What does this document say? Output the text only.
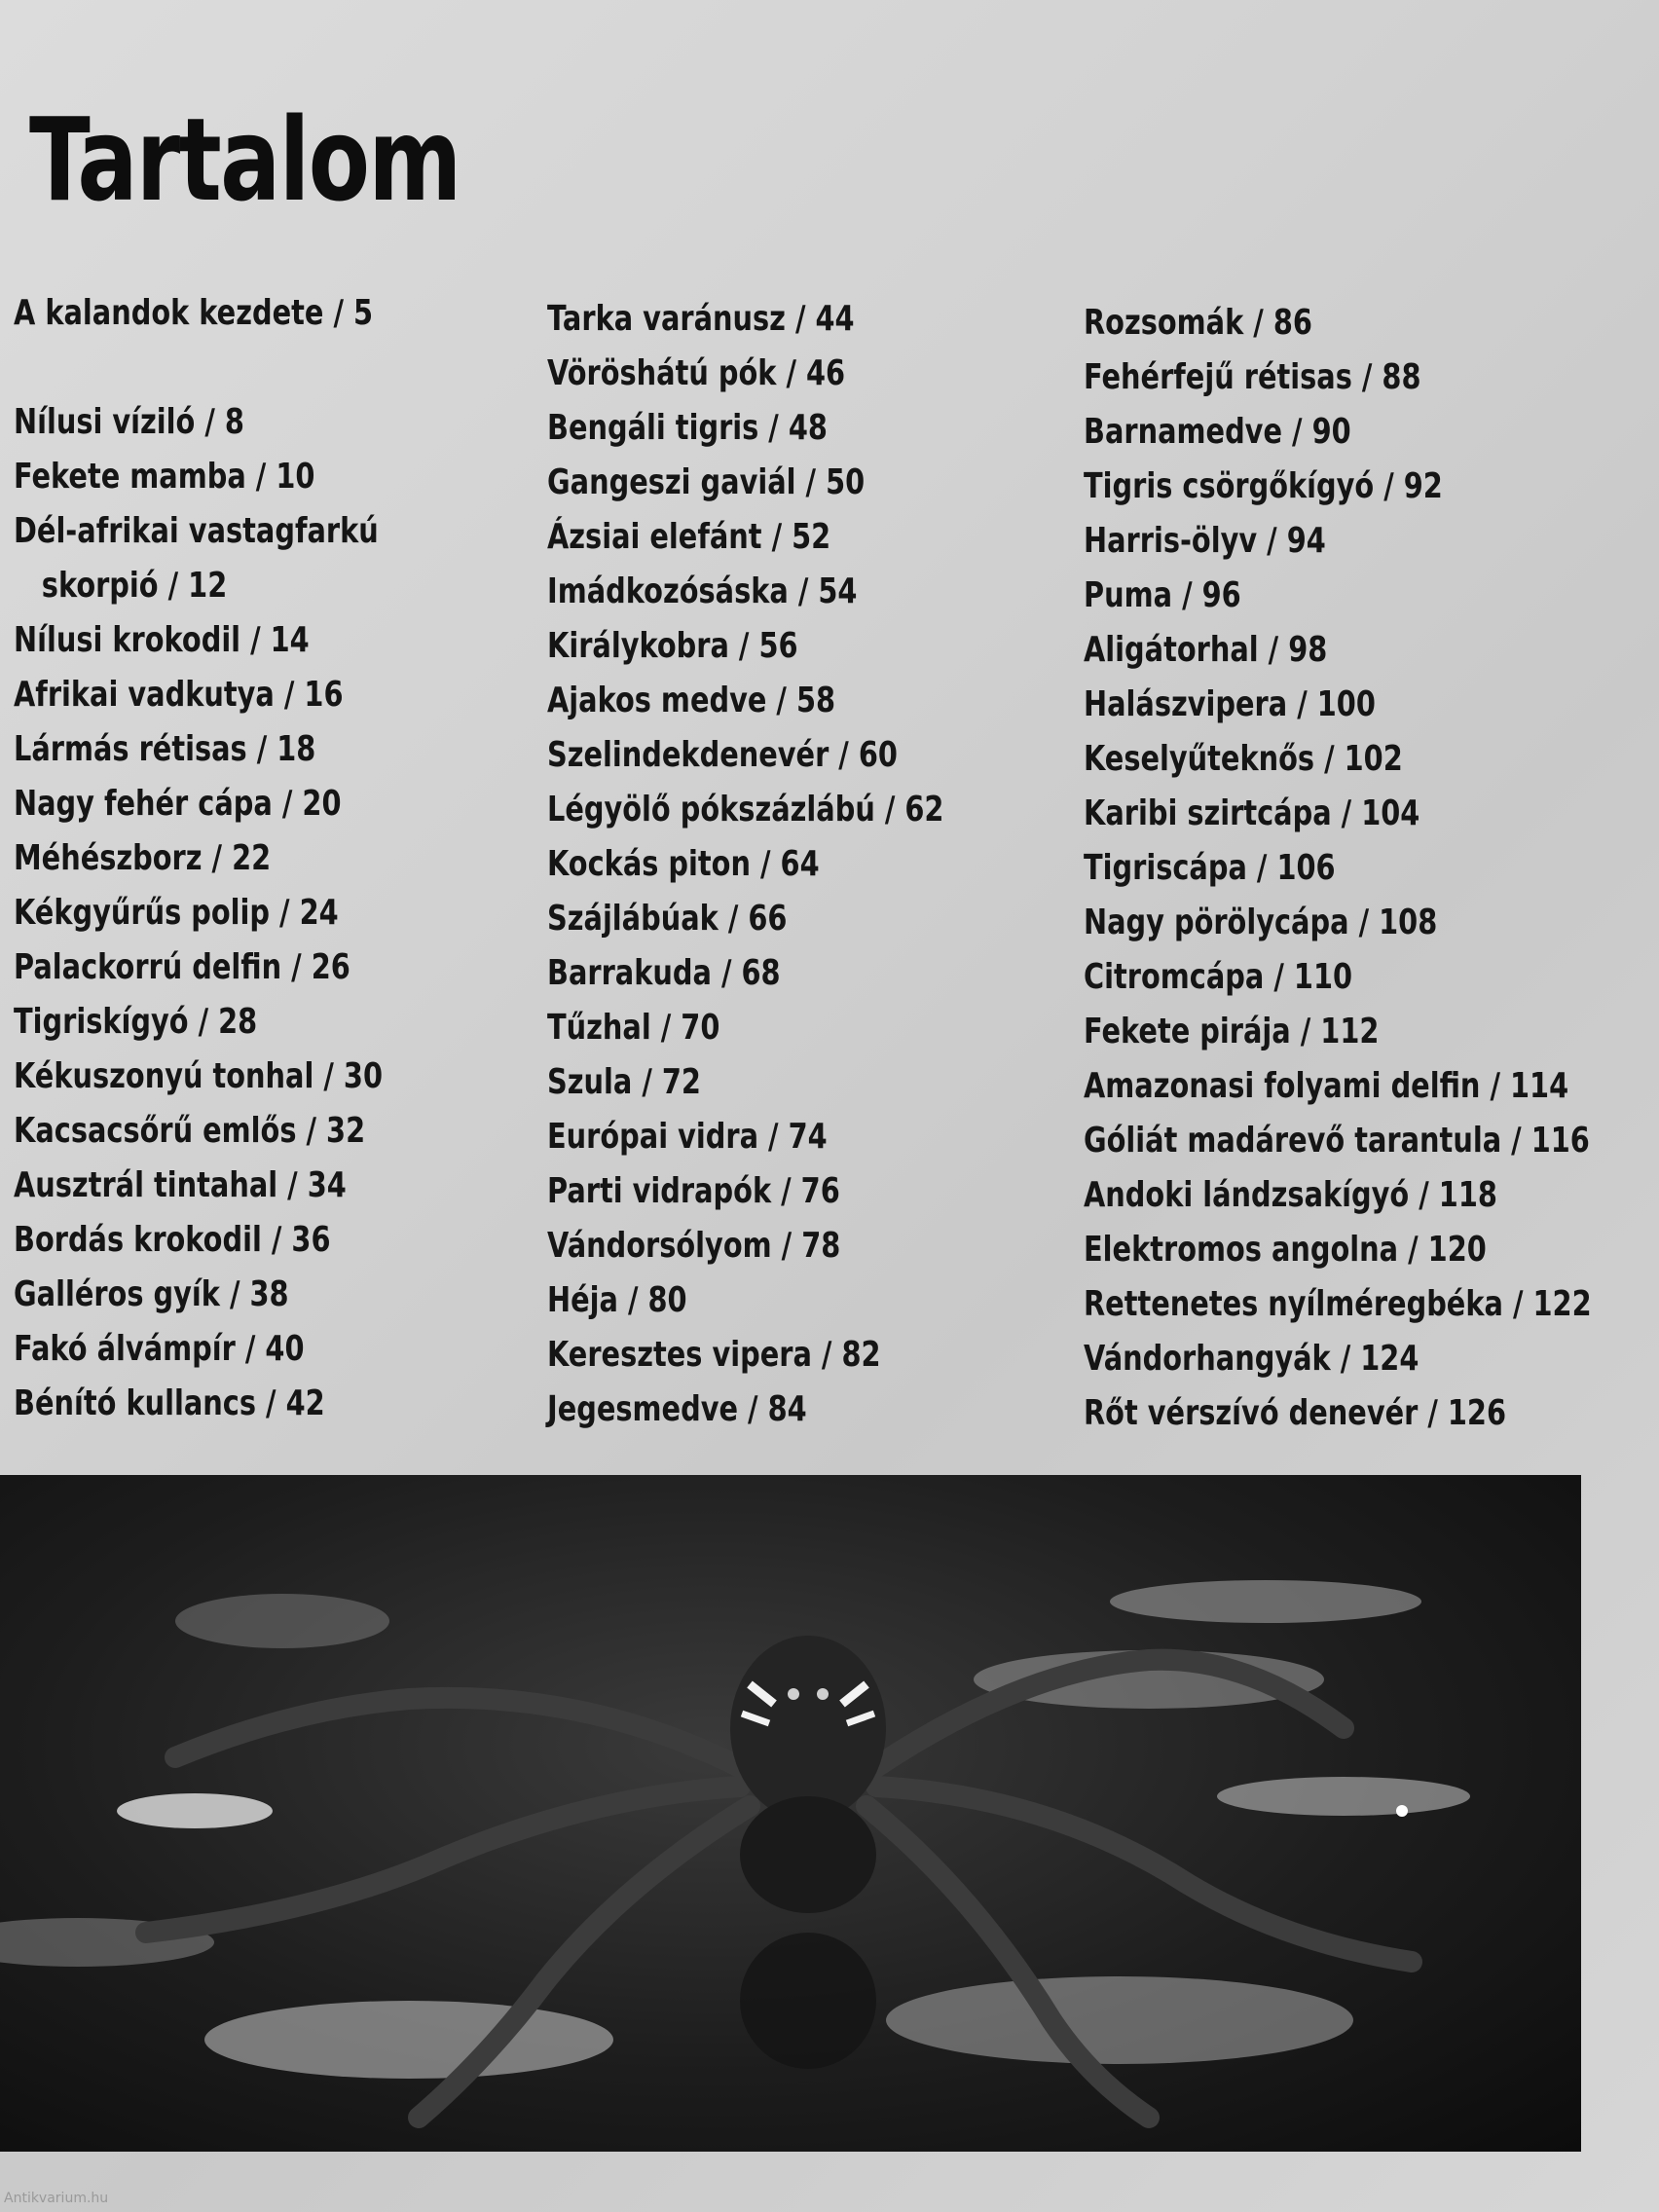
Tartalom
A kalandok kezdete / 5
Nílusi víziló / 8
Fekete mamba / 10
Dél-afrikai vastagfarkú
skorpió / 12
Nílusi krokodil / 14
Afrikai vadkutya / 16
Lármás rétisas / 18
Nagy fehér cápa / 20
Méhészborz / 22
Kékgyűrűs polip / 24
Palackorrú delfin / 26
Tigriskígyó / 28
Kékuszonyú tonhal / 30
Kacsacsőrű emlős / 32
Ausztrál tintahal / 34
Bordás krokodil / 36
Galléros gyík / 38
Fakó álvámpír / 40
Bénító kullancs / 42
Tarka varánusz / 44
Vöröshátú pók / 46
Bengáli tigris / 48
Gangeszi gaviál / 50
Ázsiai elefánt / 52
Imádkozósáska / 54
Királykobra / 56
Ajakos medve / 58
Szelindekdenevér / 60
Légyölő pókszázlábú / 62
Kockás piton / 64
Szájlábúak / 66
Barrakuda / 68
Tűzhal / 70
Szula / 72
Európai vidra / 74
Parti vidrapók / 76
Vándorsólyom / 78
Héja / 80
Keresztes vipera / 82
Jegesmedve / 84
Rozsomák / 86
Fehérfejű rétisas / 88
Barnamedve / 90
Tigris csörgőkígyó / 92
Harris-ölyv / 94
Puma / 96
Aligátorhal / 98
Halászvipera / 100
Keselyűteknős / 102
Karibi szirtcápa / 104
Tigriscápa / 106
Nagy pörölycápa / 108
Citromcápa / 110
Fekete pirája / 112
Amazonasi folyami delfin / 114
Góliát madárevő tarantula / 116
Andoki lándzsakígyó / 118
Elektromos angolna / 120
Rettenetes nyílméregbéka / 122
Vándorhangyák / 124
Rőt vérszívó denevér / 126
Antikvarium.hu
